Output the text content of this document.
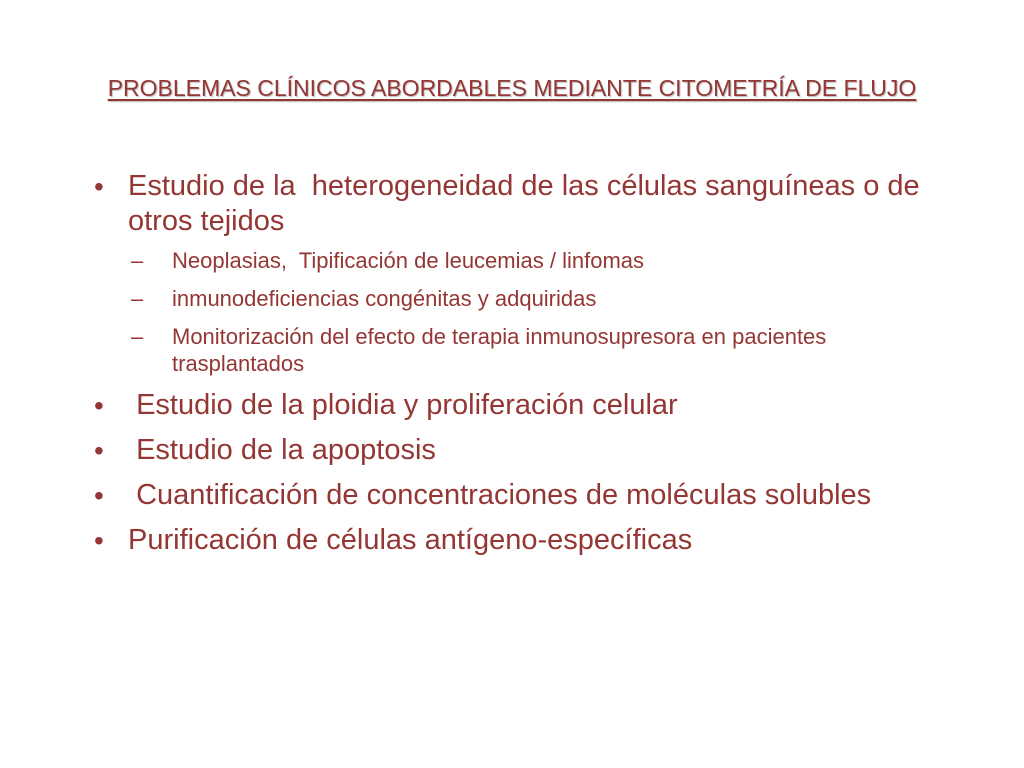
PROBLEMAS CLÍNICOS ABORDABLES MEDIANTE CITOMETRÍA DE FLUJO
• Estudio de la  heterogeneidad de las células sanguíneas o de otros tejidos
– Neoplasias,  Tipificación de leucemias / linfomas
– inmunodeficiencias congénitas y adquiridas
– Monitorización del efecto de terapia inmunosupresora en pacientes trasplantados
• Estudio de la ploidia y proliferación celular
• Estudio de la apoptosis
• Cuantificación de concentraciones de moléculas solubles
• Purificación de células antígeno-específicas
